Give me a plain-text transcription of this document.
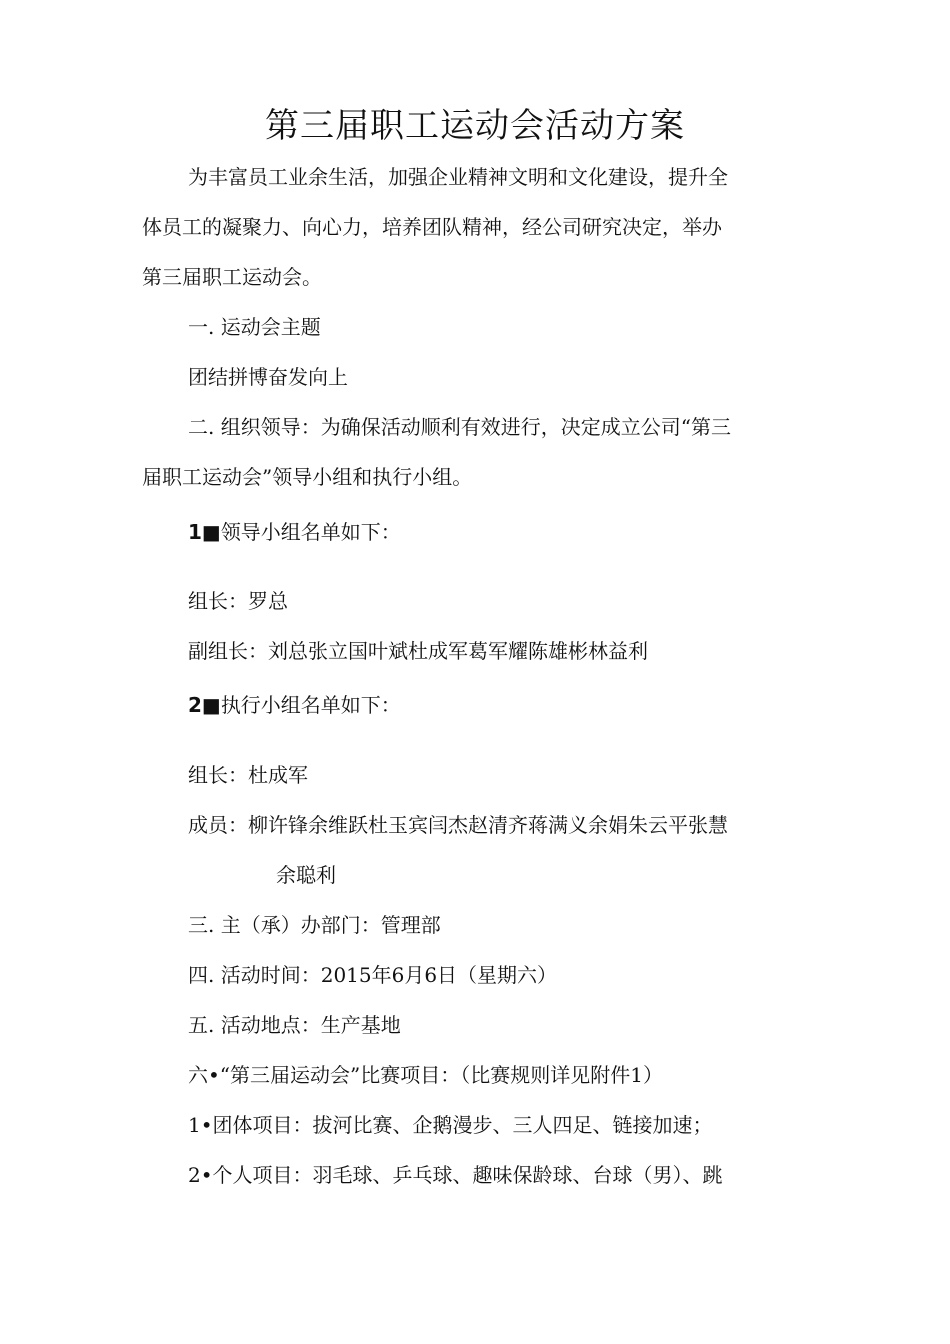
第三届职工运动会活动方案

为丰富员工业余生活，加强企业精神文明和文化建设，提升全

体员工的凝聚力、向心力，培养团队精神，经公司研究决定，举办

第三届职工运动会。

一. 运动会主题

团结拼博奋发向上

二. 组织领导：为确保活动顺利有效进行，决定成立公司“第三

届职工运动会”领导小组和执行小组。

1■领导小组名单如下：

组长：罗总

副组长：刘总张立国叶斌杜成军葛军耀陈雄彬林益利

2■执行小组名单如下：

组长：杜成军

成员：柳许锋余维跃杜玉宾闫杰赵清齐蒋满义余娟朱云平张慧

余聪利

三. 主（承）办部门：管理部

四. 活动时间：2015年6月6日（星期六）

五. 活动地点：生产基地

六•“第三届运动会”比赛项目：（比赛规则详见附件1）

1•团体项目：拔河比赛、企鹅漫步、三人四足、链接加速；

2•个人项目：羽毛球、乒乓球、趣味保龄球、台球（男）、跳
